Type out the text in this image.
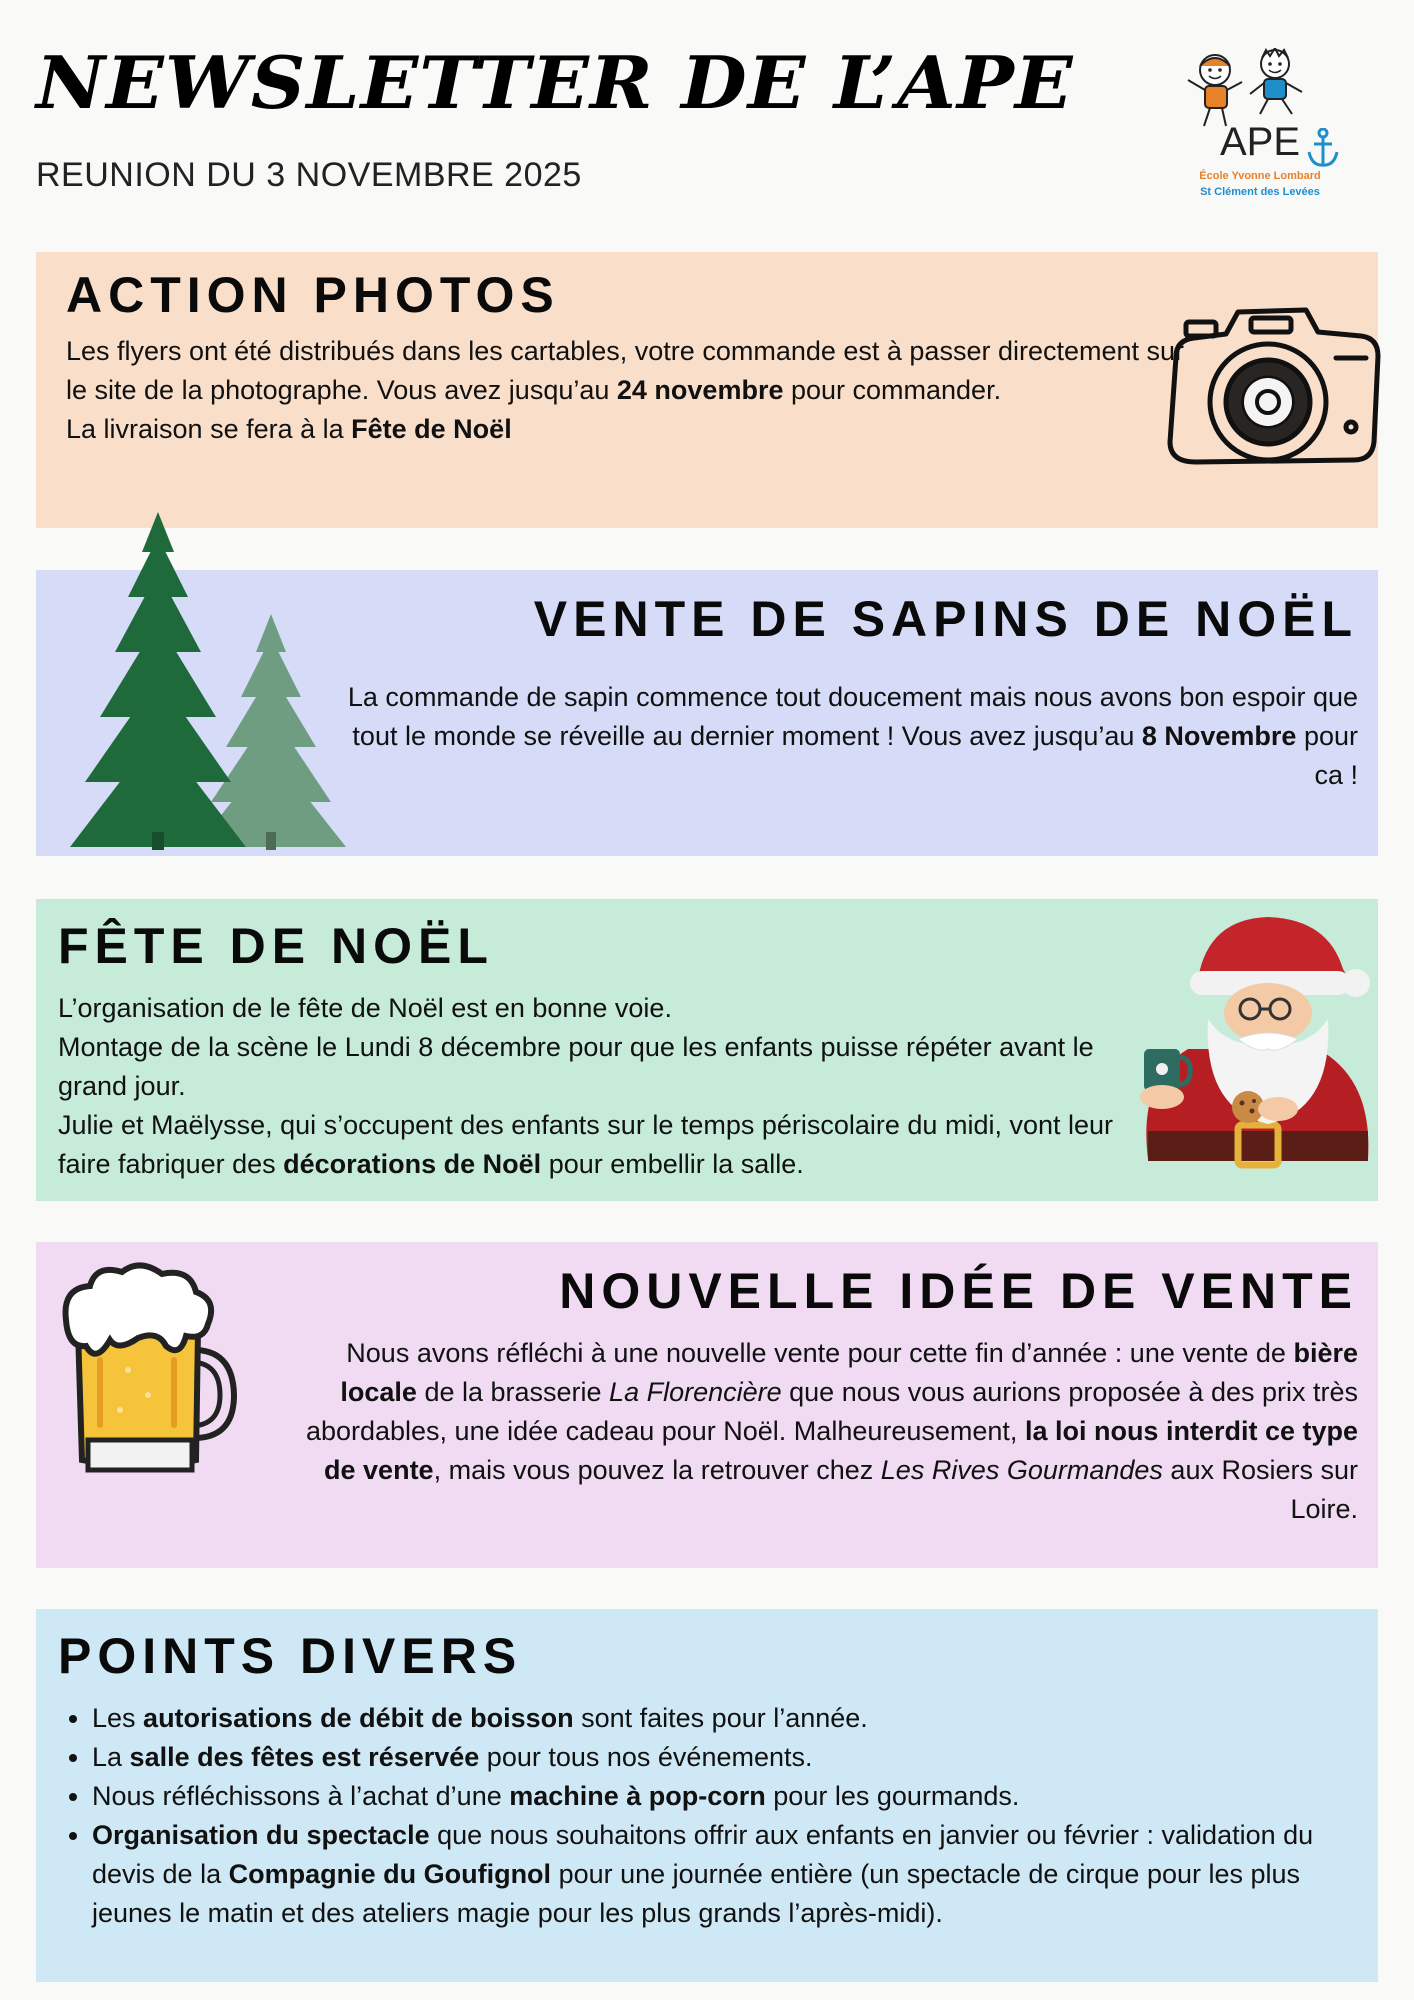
NEWSLETTER DE L’APE
REUNION DU 3 NOVEMBRE 2025
APE
École Yvonne Lombard
St Clément des Levées
ACTION PHOTOS

Les flyers ont été distribués dans les cartables, votre commande est à passer directement sur le site de la photographe. Vous avez jusqu’au 24 novembre pour commander.

La livraison se fera à la Fête de Noël

VENTE DE SAPINS DE NOËL

La commande de sapin commence tout doucement mais nous avons bon espoir que tout le monde se réveille au dernier moment ! Vous avez jusqu’au 8 Novembre pour ca !

FÊTE DE NOËL

L’organisation de le fête de Noël est en bonne voie.

Montage de la scène le Lundi 8 décembre pour que les enfants puisse répéter avant le grand jour.

Julie et Maëlysse, qui s’occupent des enfants sur le temps périscolaire du midi, vont leur faire fabriquer des décorations de Noël pour embellir la salle.

NOUVELLE IDÉE DE VENTE

Nous avons réfléchi à une nouvelle vente pour cette fin d’année : une vente de bière locale de la brasserie La Florencière que nous vous aurions proposée à des prix très abordables, une idée cadeau pour Noël. Malheureusement, la loi nous interdit ce type de vente, mais vous pouvez la retrouver chez Les Rives Gourmandes aux Rosiers sur Loire.

POINTS DIVERS
• Les autorisations de débit de boisson sont faites pour l’année.
• La salle des fêtes est réservée pour tous nos événements.
• Nous réfléchissons à l’achat d’une machine à pop-corn pour les gourmands.
• Organisation du spectacle que nous souhaitons offrir aux enfants en janvier ou février : validation du devis de la Compagnie du Goufignol pour une journée entière (un spectacle de cirque pour les plus jeunes le matin et des ateliers magie pour les plus grands l’après-midi).
